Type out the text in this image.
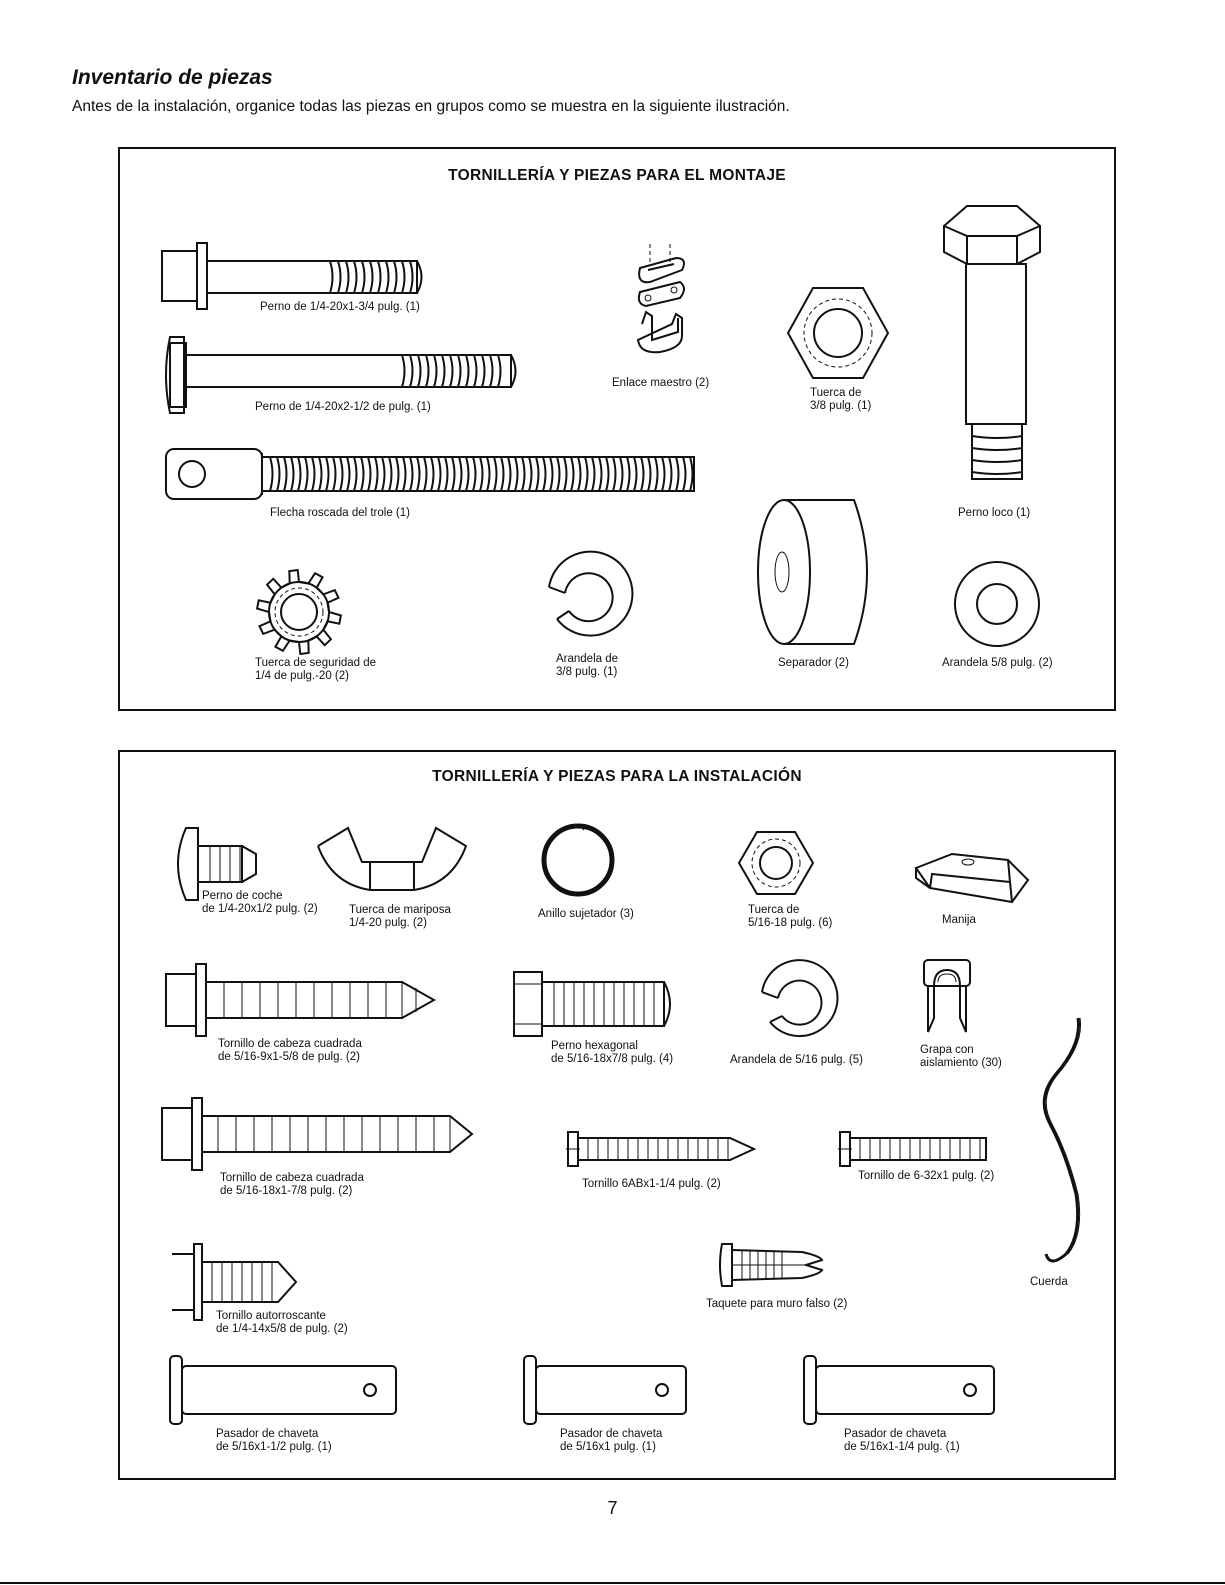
Inventario de piezas
Antes de la instalación, organice todas las piezas en grupos como se muestra en la siguiente ilustración.
TORNILLERÍA Y PIEZAS PARA EL MONTAJE
Perno de 1/4-20x1-3/4 pulg. (1)
Perno de 1/4-20x2-1/2 de pulg. (1)
Flecha roscada del trole (1)
Enlace maestro (2)
Tuerca de
3/8 pulg. (1)
Perno loco (1)
Tuerca de seguridad de
1/4 de pulg.-20 (2)
Arandela de
3/8 pulg. (1)
Separador (2)	Arandela 5/8 pulg. (2)
TORNILLERÍA Y PIEZAS PARA LA INSTALACIÓN
Perno de coche
de 1/4-20x1/2 pulg. (2)	Tuerca de mariposa
1/4-20 pulg. (2)
Anillo sujetador (3)	Tuerca de
5/16-18 pulg. (6)	Manija
Tornillo de cabeza cuadrada
de 5/16-9x1-5/8 de pulg. (2)
Perno hexagonal
de 5/16-18x7/8 pulg. (4)	Arandela de 5/16 pulg. (5)
Grapa con
aislamiento (30)
Tornillo de cabeza cuadrada
de 5/16-18x1-7/8 pulg. (2)
Tornillo 6ABx1-1/4 pulg. (2)
Tornillo de 6-32x1 pulg. (2)
Cuerda
Tornillo autorroscante
de 1/4-14x5/8 de pulg. (2)
Taquete para muro falso (2)
Pasador de chaveta
de 5/16x1-1/2 pulg. (1)
Pasador de chaveta
de 5/16x1 pulg. (1)
Pasador de chaveta
de 5/16x1-1/4 pulg. (1)
7
